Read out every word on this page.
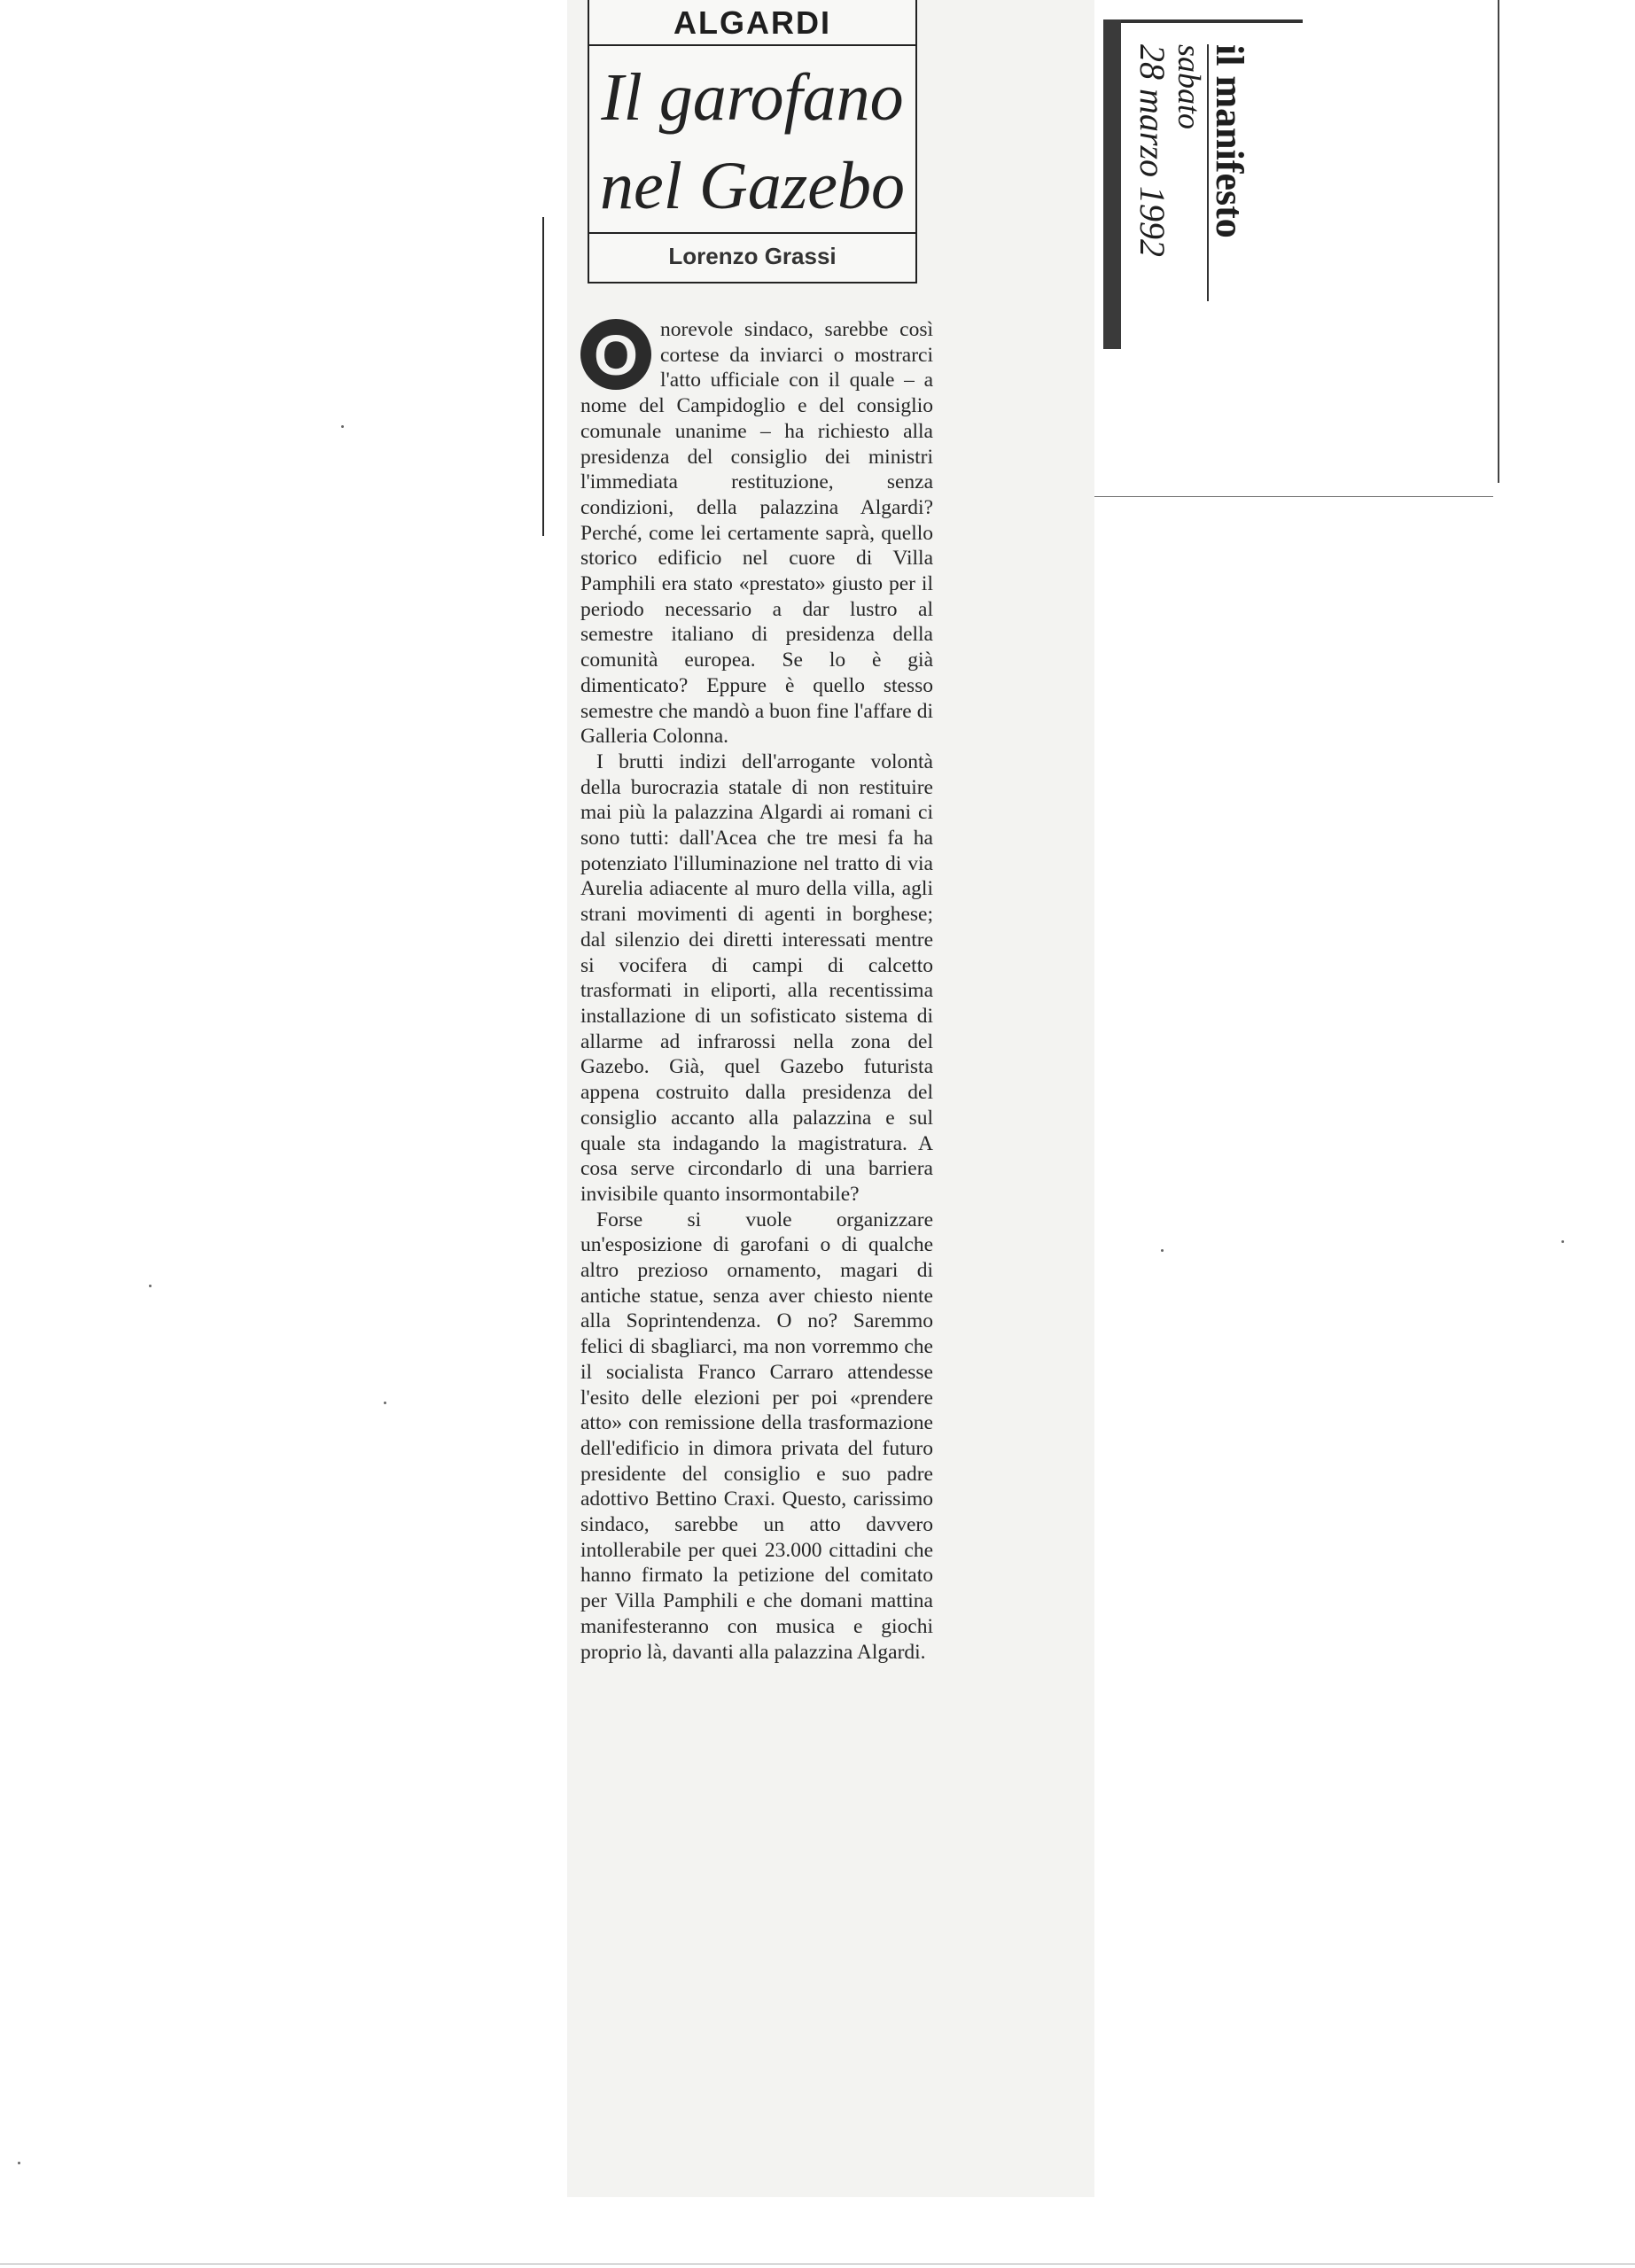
ALGARDI
Il garofano
nel Gazebo
Lorenzo Grassi

O	norevole sindaco, sarebbe così cortese da inviarci o mostrarci l'atto ufficiale con il quale – a nome del Campidoglio e del consiglio comunale unanime – ha richiesto alla presidenza del consiglio dei ministri l'immediata restituzione, senza condizioni, della palazzina Algardi? Perché, come lei certamente saprà, quello storico edificio nel cuore di Villa Pamphili era stato «prestato» giusto per il periodo necessario a dar lustro al semestre italiano di presidenza della comunità europea. Se lo è già dimenticato? Eppure è quello stesso semestre che mandò a buon fine l'affare di Galleria Colonna.

I brutti indizi dell'arrogante volontà della burocrazia statale di non restituire mai più la palazzina Algardi ai romani ci sono tutti: dall'Acea che tre mesi fa ha potenziato l'illuminazione nel tratto di via Aurelia adiacente al muro della villa, agli strani movimenti di agenti in borghese; dal silenzio dei diretti interessati mentre si vocifera di campi di calcetto trasformati in eliporti, alla recentissima installazione di un sofisticato sistema di allarme ad infrarossi nella zona del Gazebo. Già, quel Gazebo futurista appena costruito dalla presidenza del consiglio accanto alla palazzina e sul quale sta indagando la magistratura. A cosa serve circondarlo di una barriera invisibile quanto insormontabile?

Forse si vuole organizzare un'esposizione di garofani o di qualche altro prezioso ornamento, magari di antiche statue, senza aver chiesto niente alla Soprintendenza. O no? Saremmo felici di sbagliarci, ma non vorremmo che il socialista Franco Carraro attendesse l'esito delle elezioni per poi «prendere atto» con remissione della trasformazione dell'edificio in dimora privata del futuro presidente del consiglio e suo padre adottivo Bettino Craxi. Questo, carissimo sindaco, sarebbe un atto davvero intollerabile per quei 23.000 cittadini che hanno firmato la petizione del comitato per Villa Pamphili e che domani mattina manifesteranno con musica e giochi proprio là, davanti alla palazzina Algardi.

il manifesto
sabato
28 marzo 1992
